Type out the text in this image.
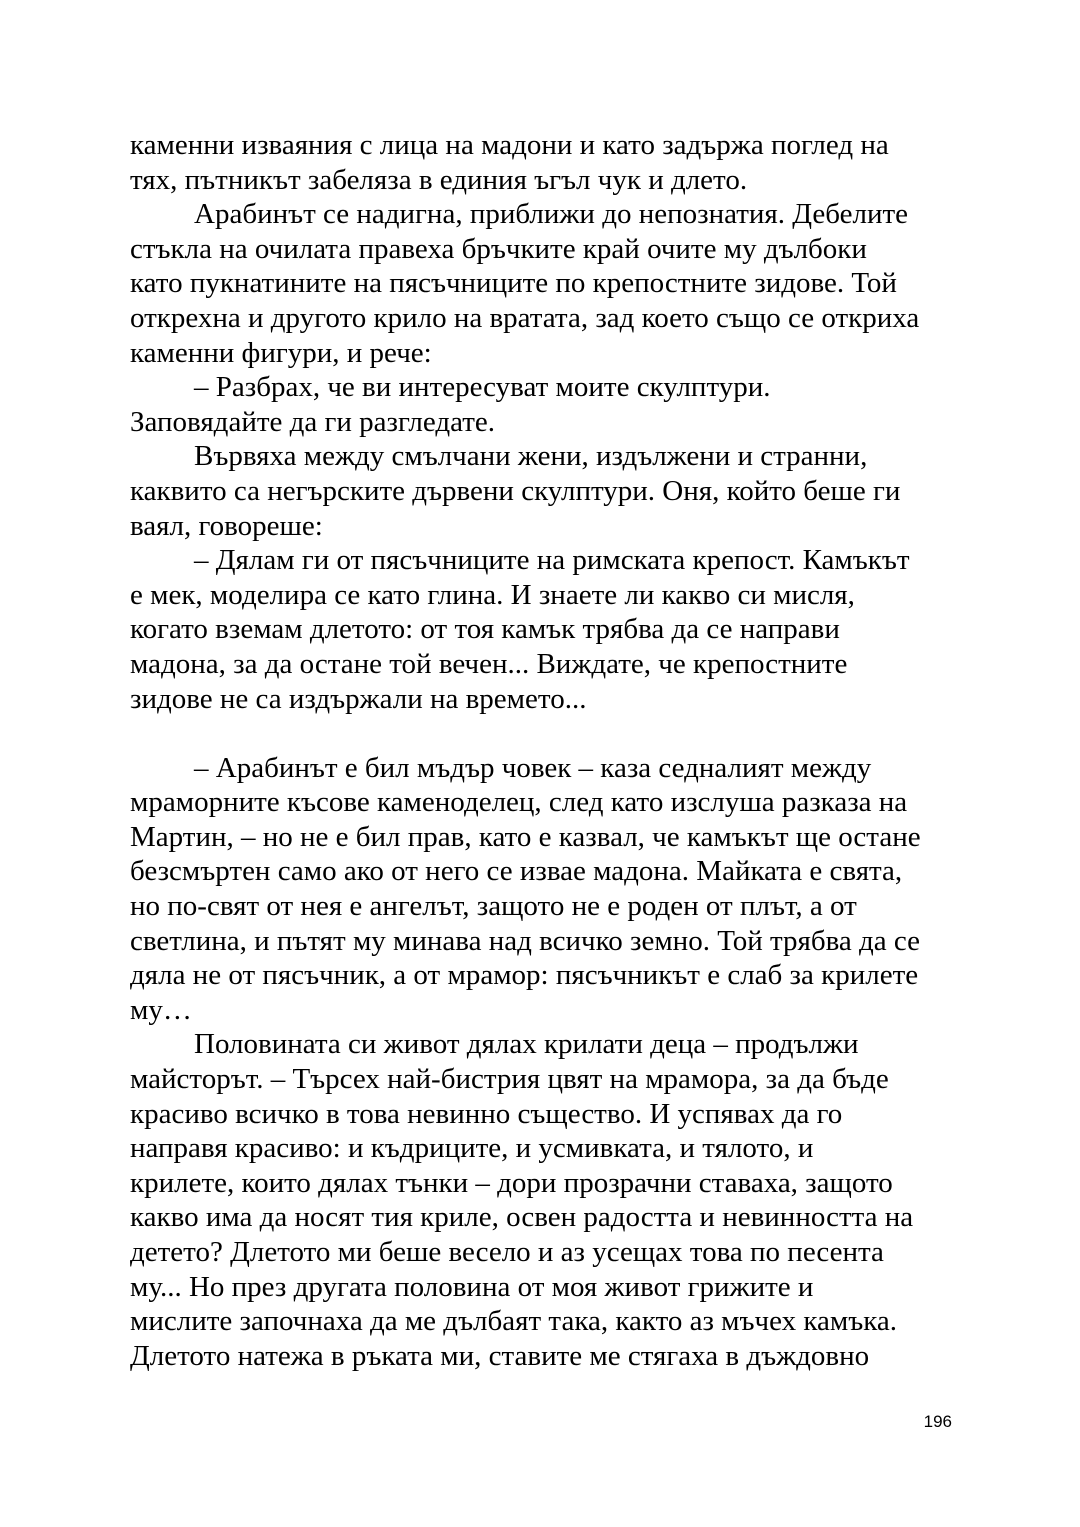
каменни изваяния с лица на мадони и като задържа поглед на
тях, пътникът забеляза в единия ъгъл чук и длето.
Арабинът се надигна, приближи до непознатия. Дебелите
стъкла на очилата правеха бръчките край очите му дълбоки
като пукнатините на пясъчниците по крепостните зидове. Той
открехна и другото крило на вратата, зад което също се откриха
каменни фигури, и рече:
– Разбрах, че ви интересуват моите скулптури.
Заповядайте да ги разгледате.
Вървяха между смълчани жени, издължени и странни,
каквито са негърските дървени скулптури. Оня, който беше ги
ваял, говореше:
– Дялам ги от пясъчниците на римската крепост. Камъкът
е мек, моделира се като глина. И знаете ли какво си мисля,
когато вземам длетото: от тоя камък трябва да се направи
мадона, за да остане той вечен... Виждате, че крепостните
зидове не са издържали на времето...
– Арабинът е бил мъдър човек – каза седналият между
мраморните късове каменоделец, след като изслуша разказа на
Мартин, – но не е бил прав, като е казвал, че камъкът ще остане
безсмъртен само ако от него се изваe мадона. Майката е свята,
но по-свят от нея е ангелът, защото не е роден от плът, а от
светлина, и пътят му минава над всичко земно. Той трябва да се
дяла не от пясъчник, а от мрамор: пясъчникът е слаб за крилете
му…
Половината си живот дялах крилати деца – продължи
майсторът. – Търсех най-бистрия цвят на мрамора, за да бъде
красиво всичко в това невинно същество. И успявах да го
направя красиво: и къдриците, и усмивката, и тялото, и
крилете, които дялах тънки – дори прозрачни ставаха, защото
какво има да носят тия криле, освен радостта и невинността на
детето? Длетото ми беше весело и аз усещах това по песента
му... Но през другата половина от моя живот грижите и
мислите започнаха да ме дълбаят така, както аз мъчех камъка.
Длетото натежа в ръката ми, ставите ме стягаха в дъждовно
196
